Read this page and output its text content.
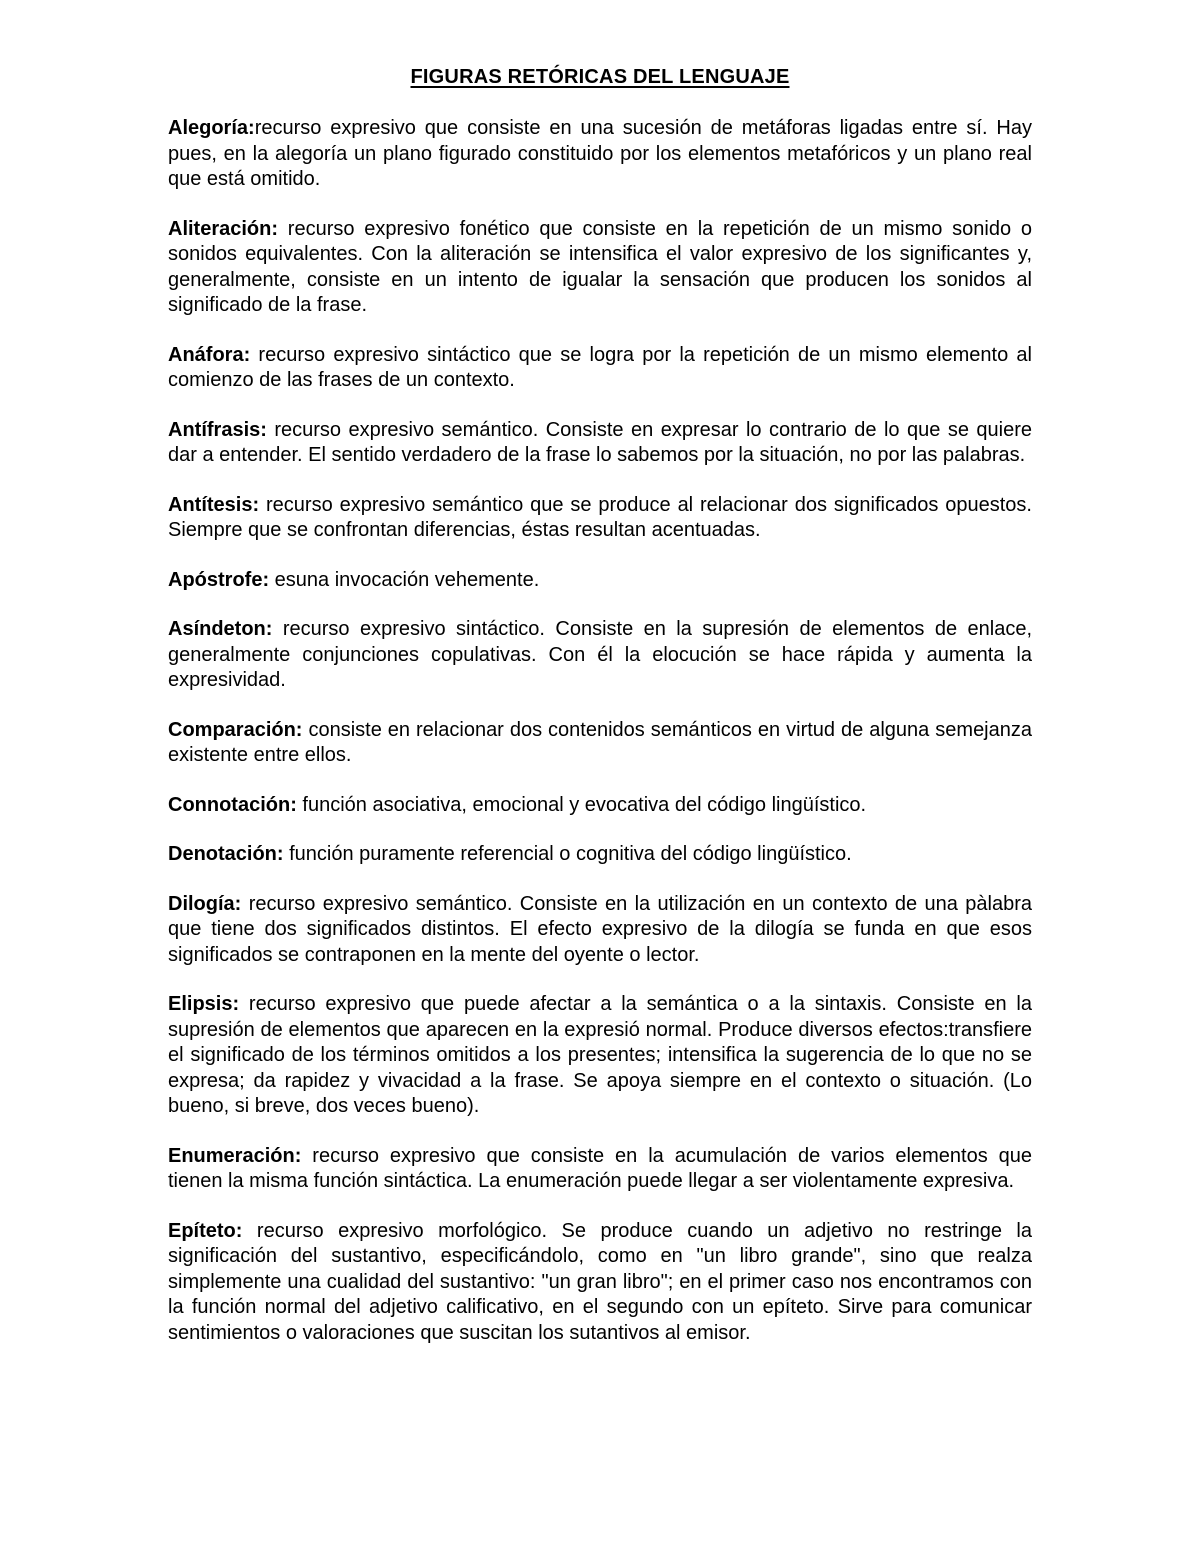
FIGURAS RETÓRICAS DEL LENGUAJE

Alegoría:recurso expresivo que consiste en una sucesión de metáforas ligadas entre sí. Hay pues, en la alegoría un plano figurado constituido por los elementos metafóricos y un plano real que está omitido.

Aliteración: recurso expresivo fonético que consiste en la repetición de un mismo sonido o sonidos equivalentes. Con la aliteración se intensifica el valor expresivo de los significantes y, generalmente, consiste en un intento de igualar la sensación que producen los sonidos al significado de la frase.

Anáfora: recurso expresivo sintáctico que se logra por la repetición de un mismo elemento al comienzo de las frases de un contexto.

Antífrasis: recurso expresivo semántico. Consiste en expresar lo contrario de lo que se quiere dar a entender. El sentido verdadero de la frase lo sabemos por la situación, no por las palabras.

Antítesis: recurso expresivo semántico que se produce al relacionar dos significados opuestos. Siempre que se confrontan diferencias, éstas resultan acentuadas.

Apóstrofe: esuna invocación vehemente.

Asíndeton: recurso expresivo sintáctico. Consiste en la supresión de elementos de enlace, generalmente conjunciones copulativas. Con él la elocución se hace rápida y aumenta la expresividad.

Comparación: consiste en relacionar dos contenidos semánticos en virtud de alguna semejanza existente entre ellos.

Connotación: función asociativa, emocional y evocativa del código lingüístico.

Denotación: función puramente referencial o cognitiva del código lingüístico.

Dilogía: recurso expresivo semántico. Consiste en la utilización en un contexto de una pàlabra que tiene dos significados distintos. El efecto expresivo de la dilogía se funda en que esos significados se contraponen en la mente del oyente o lector.

Elipsis: recurso expresivo que puede afectar a la semántica o a la sintaxis. Consiste en la supresión de elementos que aparecen en la expresió normal. Produce diversos efectos:transfiere el significado de los términos omitidos a los presentes; intensifica la sugerencia de lo que no se expresa; da rapidez y vivacidad a la frase. Se apoya siempre en el contexto o situación. (Lo bueno, si breve, dos veces bueno).

Enumeración: recurso expresivo que consiste en la acumulación de varios elementos que tienen la misma función sintáctica. La enumeración puede llegar a ser violentamente expresiva.

Epíteto: recurso expresivo morfológico. Se produce cuando un adjetivo no restringe la significación del sustantivo, especificándolo, como en "un libro grande", sino que realza simplemente una cualidad del sustantivo: "un gran libro"; en el primer caso nos encontramos con la función normal del adjetivo calificativo, en el segundo con un epíteto. Sirve para comunicar sentimientos o valoraciones que suscitan los sutantivos al emisor.
